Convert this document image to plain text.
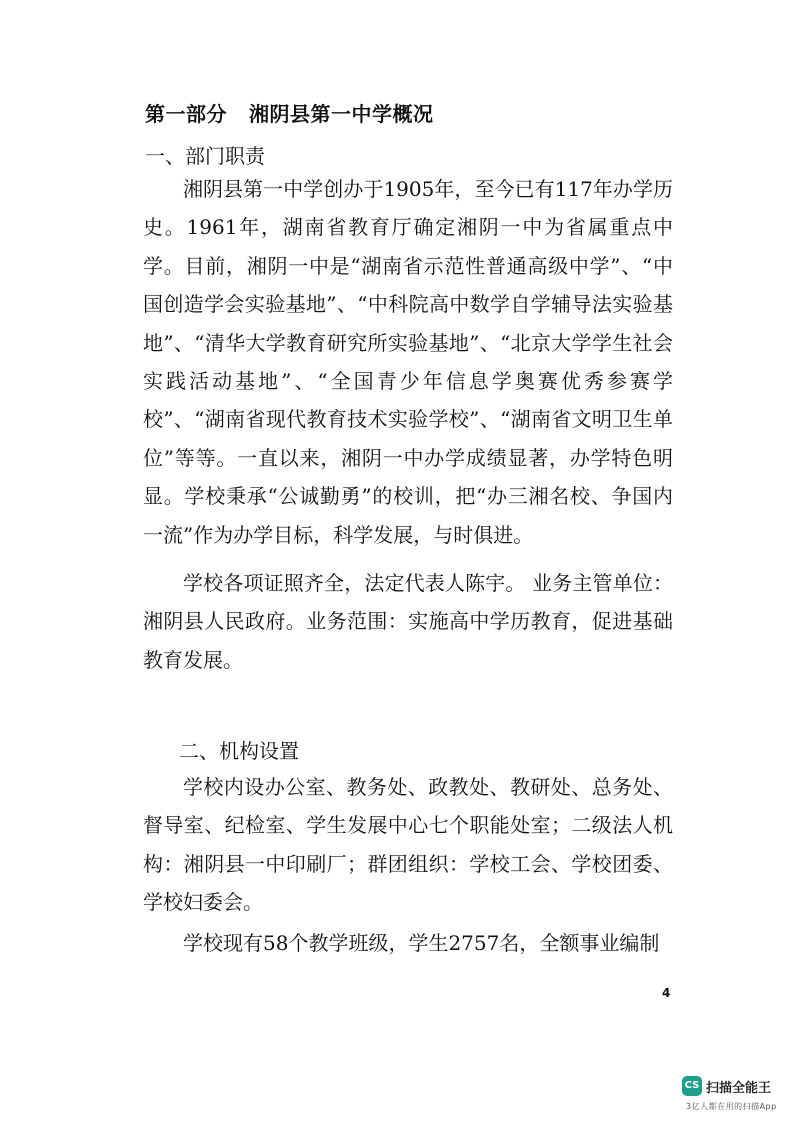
第一部分 湘阴县第一中学概况
一、部门职责

湘阴县第一中学创办于1905年，至今已有117年办学历史。1961年，湖南省教育厅确定湘阴一中为省属重点中学。目前，湘阴一中是“湖南省示范性普通高级中学”、“中国创造学会实验基地”、“中科院高中数学自学辅导法实验基地”、“清华大学教育研究所实验基地”、“北京大学学生社会实践活动基地”、“全国青少年信息学奥赛优秀参赛学校”、“湖南省现代教育技术实验学校”、“湖南省文明卫生单位”等等。一直以来，湘阴一中办学成绩显著，办学特色明显。学校秉承“公诚勤勇”的校训，把“办三湘名校、争国内一流”作为办学目标，科学发展，与时俱进。

学校各项证照齐全，法定代表人陈宇。 业务主管单位：湘阴县人民政府。业务范围：实施高中学历教育，促进基础教育发展。

二、机构设置

学校内设办公室、教务处、政教处、教研处、总务处、督导室、纪检室、学生发展中心七个职能处室；二级法人机构：湘阴县一中印刷厂；群团组织：学校工会、学校团委、学校妇委会。

学校现有58个教学班级，学生2757名，全额事业编制

4
CS 扫描全能王
3亿人都在用的扫描App
